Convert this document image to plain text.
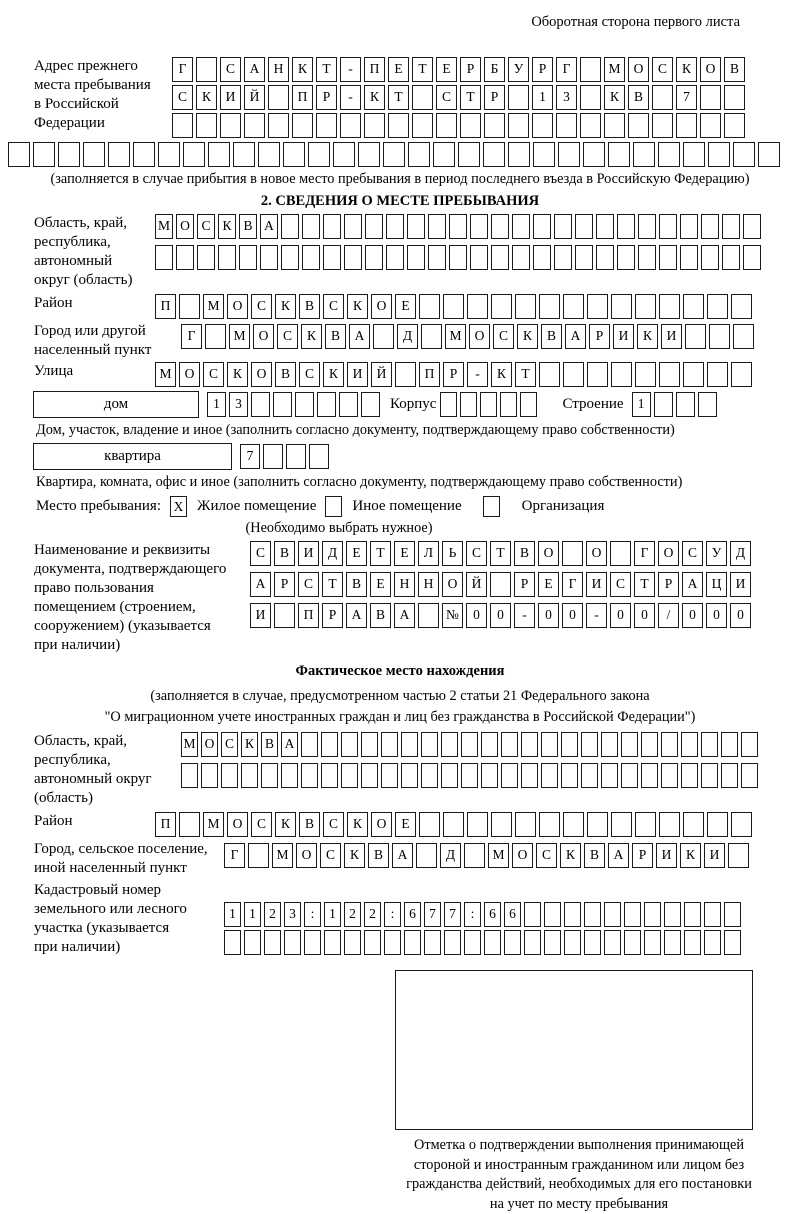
Оборотная сторона первого листа
Адрес прежнего
места пребывания
в Российской
Федерации
Г	С А Н К Т - П Е Т Е Р Б У Р Г	М О С К О В
С К И Й	П Р - К Т	С Т Р	1 3	К В	7
(заполняется в случае прибытия в новое место пребывания в период последнего въезда в Российскую Федерацию)
2. СВЕДЕНИЯ О МЕСТЕ ПРЕБЫВАНИЯ
Область, край,
республика,
автономный
округ (область)
М О С К В А
Район	П	М О С К В С К О Е
Город или другой
населенный пункт
Г	М О С К В А	Д	М О С К В А Р И К И
Улица	М О С К О В С К И Й	П Р - К Т
дом	1 3	Корпус	Строение	1
Дом, участок, владение и иное (заполнить согласно документу, подтверждающему право собственности)
квартира	7
Квартира, комната, офис и иное (заполнить согласно документу, подтверждающему право собственности)
Место пребывания: X Жилое помещение Иное помещение	Организация
(Необходимо выбрать нужное)
Наименование и реквизиты
документа, подтверждающего
право пользования
помещением (строением,
сооружением) (указывается
при наличии)
С В И Д Е Т Е Л Ь С Т В О	О	Г О С У Д
А Р С Т В Е Н Н О Й	Р Е Г И С Т Р А Ц И
И	П Р А В А	№ 0 0 - 0 0 - 0 0 / 0 0 0
Фактическое место нахождения
(заполняется в случае, предусмотренном частью 2 статьи 21 Федерального закона
"О миграционном учете иностранных граждан и лиц без гражданства в Российской Федерации")
Область, край,
республика,
автономный округ
(область)
М О С К В А
Район	П	М О С К В С К О Е
Город, сельское поселение,
иной населенный пункт
Г	М О С К В А	Д	М О С К В А Р И К И
Кадастровый номер
земельного или лесного
участка (указывается
при наличии)
1 1 2 3 : 1 2 2 : 6 7 7 : 6 6
Отметка о подтверждении выполнения принимающей
стороной и иностранным гражданином или лицом без
гражданства действий, необходимых для его постановки
на учет по месту пребывания
